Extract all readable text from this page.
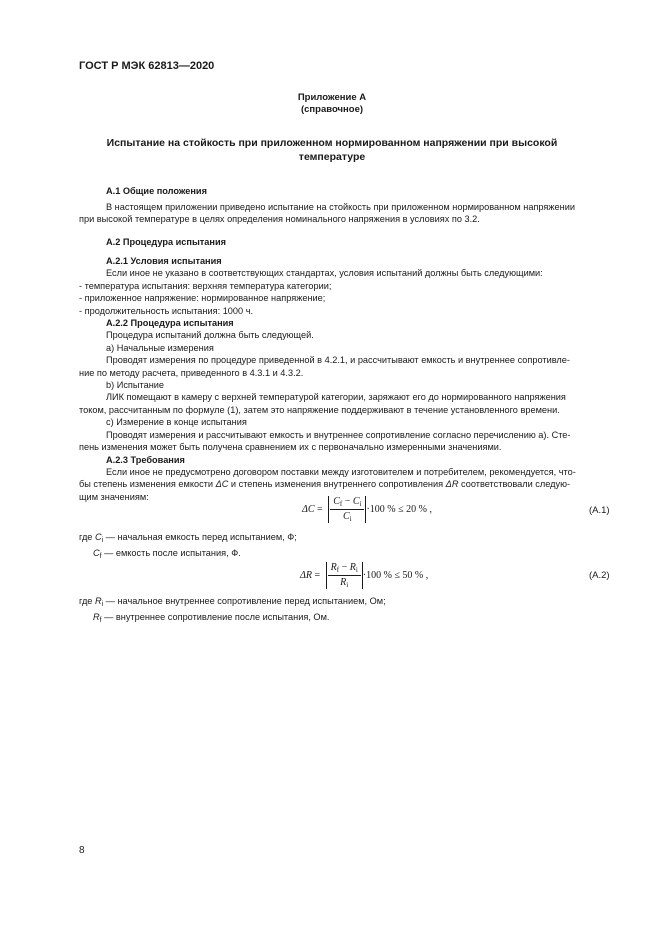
ГОСТ Р МЭК 62813—2020
Приложение А
(справочное)
Испытание на стойкость при приложенном нормированном напряжении при высокой
температуре
А.1 Общие положения

В настоящем приложении приведено испытание на стойкость при приложенном нормированном напряжении

при высокой температуре в целях определения номинального напряжения в условиях по 3.2.

А.2 Процедура испытания

А.2.1 Условия испытания

Если иное не указано в соответствующих стандартах, условия испытаний должны быть следующими:

- температура испытания: верхняя температура категории;

- приложенное напряжение: нормированное напряжение;

- продолжительность испытания: 1000 ч.

А.2.2 Процедура испытания

Процедура испытаний должна быть следующей.

a) Начальные измерения

Проводят измерения по процедуре приведенной в 4.2.1, и рассчитывают емкость и внутреннее сопротивле-

ние по методу расчета, приведенного в 4.3.1 и 4.3.2.

b) Испытание

ЛИК помещают в камеру с верхней температурой категории, заряжают его до нормированного напряжения

током, рассчитанным по формуле (1), затем это напряжение поддерживают в течение установленного времени.

c) Измерение в конце испытания

Проводят измерения и рассчитывают емкость и внутреннее сопротивление согласно перечислению а). Сте-

пень изменения может быть получена сравнением их с первоначально измеренными значениями.

А.2.3 Требования

Если иное не предусмотрено договором поставки между изготовителем и потребителем, рекомендуется, что-

бы степень изменения емкости ΔC и степень изменения внутреннего сопротивления ΔR соответствовали следую-

щим значениям:

$\Delta C = \frac{C_f - C_i}{C_i} \cdot 100$ % ≤ 20 % ,	(А.1)
где $C_i$ — начальная емкость перед испытанием, Ф;
$C_f$ — емкость после испытания, Ф.
$\Delta R = \frac{R_f - R_i}{R_i} \cdot 100$ % ≤ 50 % ,	(А.2)
где $R_i$ — начальное внутреннее сопротивление перед испытанием, Ом;
$R_f$ — внутреннее сопротивление после испытания, Ом.
8
